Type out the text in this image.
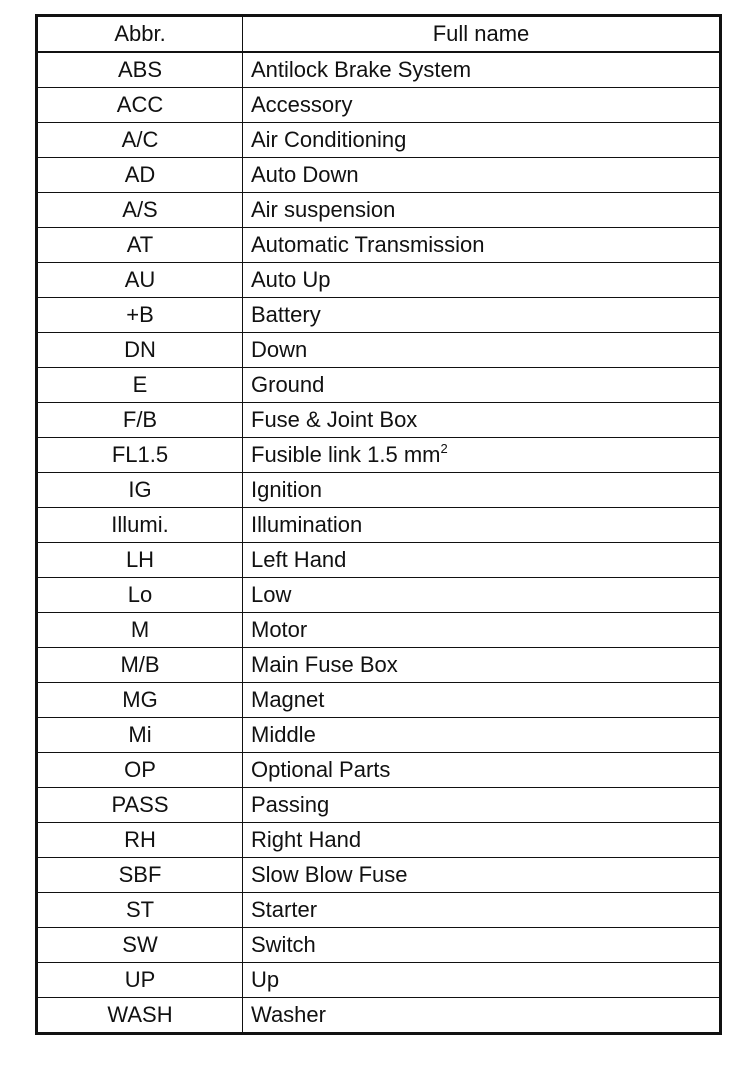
Abbr.	Full name
ABS	Antilock Brake System
ACC	Accessory
A/C	Air Conditioning
AD	Auto Down
A/S	Air suspension
AT	Automatic Transmission
AU	Auto Up
+B	Battery
DN	Down
E	Ground
F/B	Fuse & Joint Box
FL1.5	Fusible link 1.5 $mm^2$
IG	Ignition
Illumi.	Illumination
LH	Left Hand
Lo	Low
M	Motor
M/B	Main Fuse Box
MG	Magnet
Mi	Middle
OP	Optional Parts
PASS	Passing
RH	Right Hand
SBF	Slow Blow Fuse
ST	Starter
SW	Switch
UP	Up
WASH	Washer
